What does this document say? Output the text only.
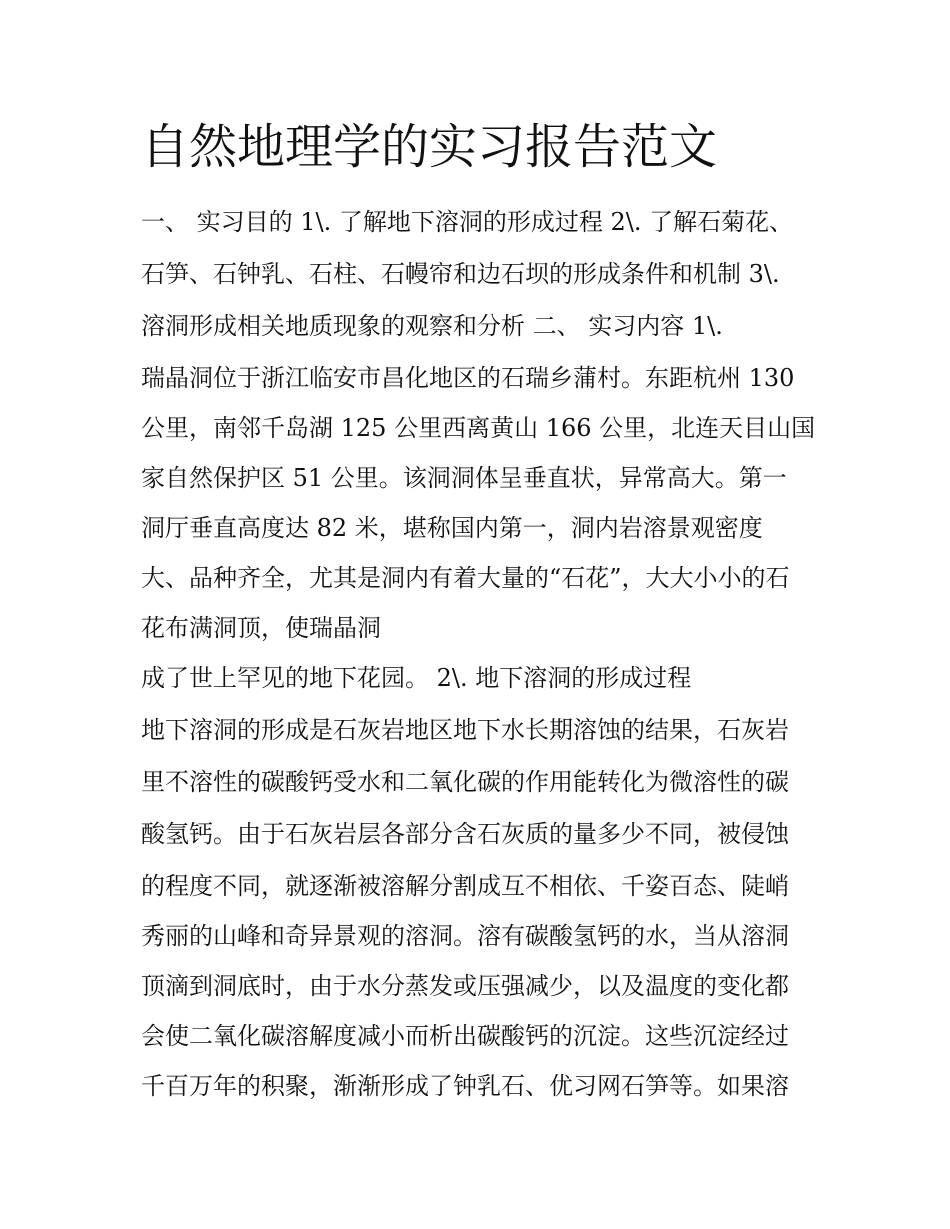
自然地理学的实习报告范文

一、 实习目的 1\. 了解地下溶洞的形成过程 2\. 了解石菊花、

石笋、石钟乳、石柱、石幔帘和边石坝的形成条件和机制 3\.

溶洞形成相关地质现象的观察和分析 二、 实习内容 1\.

瑞晶洞位于浙江临安市昌化地区的石瑞乡蒲村。东距杭州 130

公里，南邻千岛湖 125 公里西离黄山 166 公里，北连天目山国

家自然保护区 51 公里。该洞洞体呈垂直状，异常高大。第一

洞厅垂直高度达 82 米，堪称国内第一，洞内岩溶景观密度

大、品种齐全，尤其是洞内有着大量的“石花”，大大小小的石

花布满洞顶，使瑞晶洞

成了世上罕见的地下花园。 2\. 地下溶洞的形成过程

地下溶洞的形成是石灰岩地区地下水长期溶蚀的结果，石灰岩

里不溶性的碳酸钙受水和二氧化碳的作用能转化为微溶性的碳

酸氢钙。由于石灰岩层各部分含石灰质的量多少不同，被侵蚀

的程度不同，就逐渐被溶解分割成互不相依、千姿百态、陡峭

秀丽的山峰和奇异景观的溶洞。溶有碳酸氢钙的水，当从溶洞

顶滴到洞底时，由于水分蒸发或压强减少，以及温度的变化都

会使二氧化碳溶解度减小而析出碳酸钙的沉淀。这些沉淀经过

千百万年的积聚，渐渐形成了钟乳石、优习网石笋等。如果溶
